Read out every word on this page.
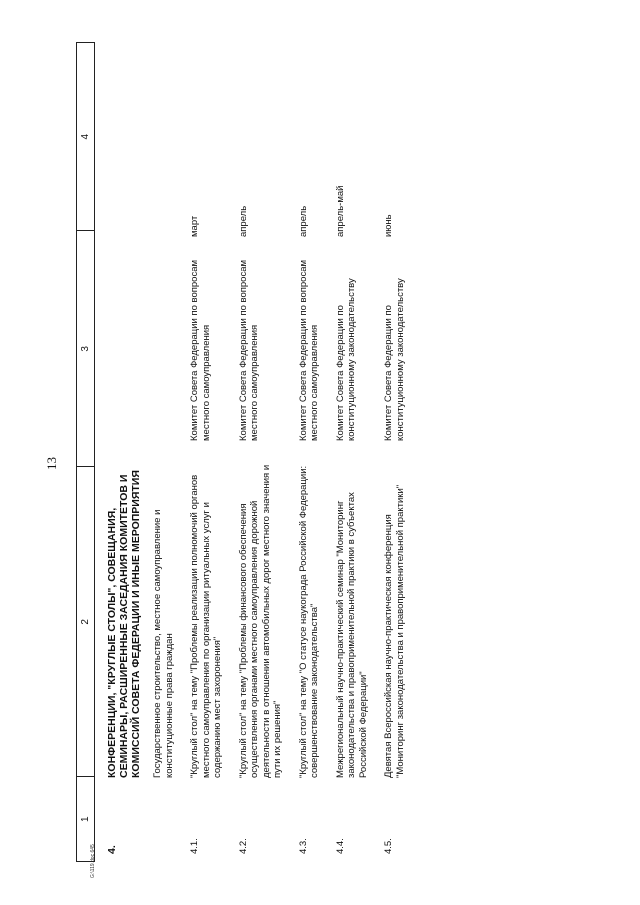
13
G:\119.doc 645
1
2
3
4
4.
КОНФЕРЕНЦИИ, "КРУГЛЫЕ СТОЛЫ", СОВЕЩАНИЯ, СЕМИНАРЫ, РАСШИРЕННЫЕ ЗАСЕДАНИЯ КОМИТЕТОВ И КОМИССИЙ СОВЕТА ФЕДЕРАЦИИ И ИНЫЕ МЕРОПРИЯТИЯ Государственное строительство, местное самоуправление и конституционные права граждан
4.1.
"Круглый стол" на тему "Проблемы реализации полномочий органов местного самоуправления по организации ритуальных услуг и содержанию мест захоронения"
Комитет Совета Федерации по вопросам местного самоуправления
март
4.2.
"Круглый стол" на тему "Проблемы финансового обеспечения осуществления органами местного самоуправления дорожной деятельности в отношении автомобильных дорог местного значения и пути их решения"
Комитет Совета Федерации по вопросам местного самоуправления
апрель
4.3.
"Круглый стол" на тему "О статусе наукограда Российской Федерации: совершенствование законодательства"
Комитет Совета Федерации по вопросам местного самоуправления
апрель
4.4.
Межрегиональный научно-практический семинар "Мониторинг законодательства и правоприменительной практики в субъектах Российской Федерации"
Комитет Совета Федерации по конституционному законодательству
апрель-май
4.5.
Девятая Всероссийская научно-практическая конференция "Мониторинг законодательства и правоприменительной практики"
Комитет Совета Федерации по конституционному законодательству
июнь
